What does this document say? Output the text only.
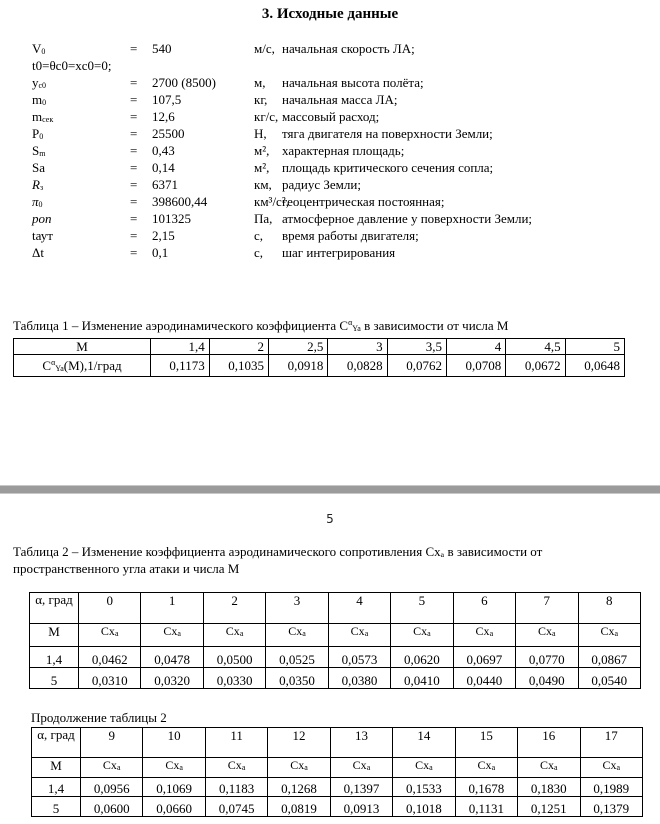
3. Исходные данные
$V_0$	= 540	м/с, начальная скорость ЛА;
t0=θc0=xc0=0;
$y_{c0}$	= 2700 (8500)	м, начальная высота полёта;
$m_0$	= 107,5	кг, начальная масса ЛА;
$m_{сек}$	= 12,6	кг/с, массовый расход;
$P_0$	= 25500	Н, тяга двигателя на поверхности Земли;
$S_m$	= 0,43	м², характерная площадь;
Sa	= 0,14	м², площадь критического сечения сопла;
$R_з$	= 6371	км, радиус Земли;
$\pi_0$	= 398600,44	км³/с²,
геоцентрическая постоянная;
pon	= 101325	Па, атмосферное давление у поверхности Земли;
tаут	= 2,15	с, время работы двигателя;
Δt	= 0,1	с, шаг интегрирования
Таблица 1 – Изменение аэродинамического коэффициента $C^\alpha_{Ya}$ в зависимости от числа М
М	1,4	2	2,5	3	3,5	4	4,5	5
$C^\alpha_{Ya}(M),1$/град	0,1173	0,1035	0,0918	0,0828	0,0762	0,0708	0,0672	0,0648
5
Таблица 2 – Изменение коэффициента аэродинамического сопротивления Cxₐ в зависимости от
пространственного угла атаки и числа М
α, град	0	1	2	3	4	5	6	7	8
М	$Cx_a$	$Cx_a$	$Cx_a$	$Cx_a$	$Cx_a$	$Cx_a$	$Cx_a$	$Cx_a$	$Cx_a$
1,4	0,0462	0,0478	0,0500	0,0525	0,0573	0,0620	0,0697	0,0770	0,0867
5	0,0310	0,0320	0,0330	0,0350	0,0380	0,0410	0,0440	0,0490	0,0540
Продолжение таблицы 2
α, град	9	10	11	12	13	14	15	16	17
М	$Cx_a$	$Cx_a$	$Cx_a$	$Cx_a$	$Cx_a$	$Cx_a$	$Cx_a$	$Cx_a$	$Cx_a$
1,4	0,0956	0,1069	0,1183	0,1268	0,1397	0,1533	0,1678	0,1830	0,1989
5	0,0600	0,0660	0,0745	0,0819	0,0913	0,1018	0,1131	0,1251	0,1379
